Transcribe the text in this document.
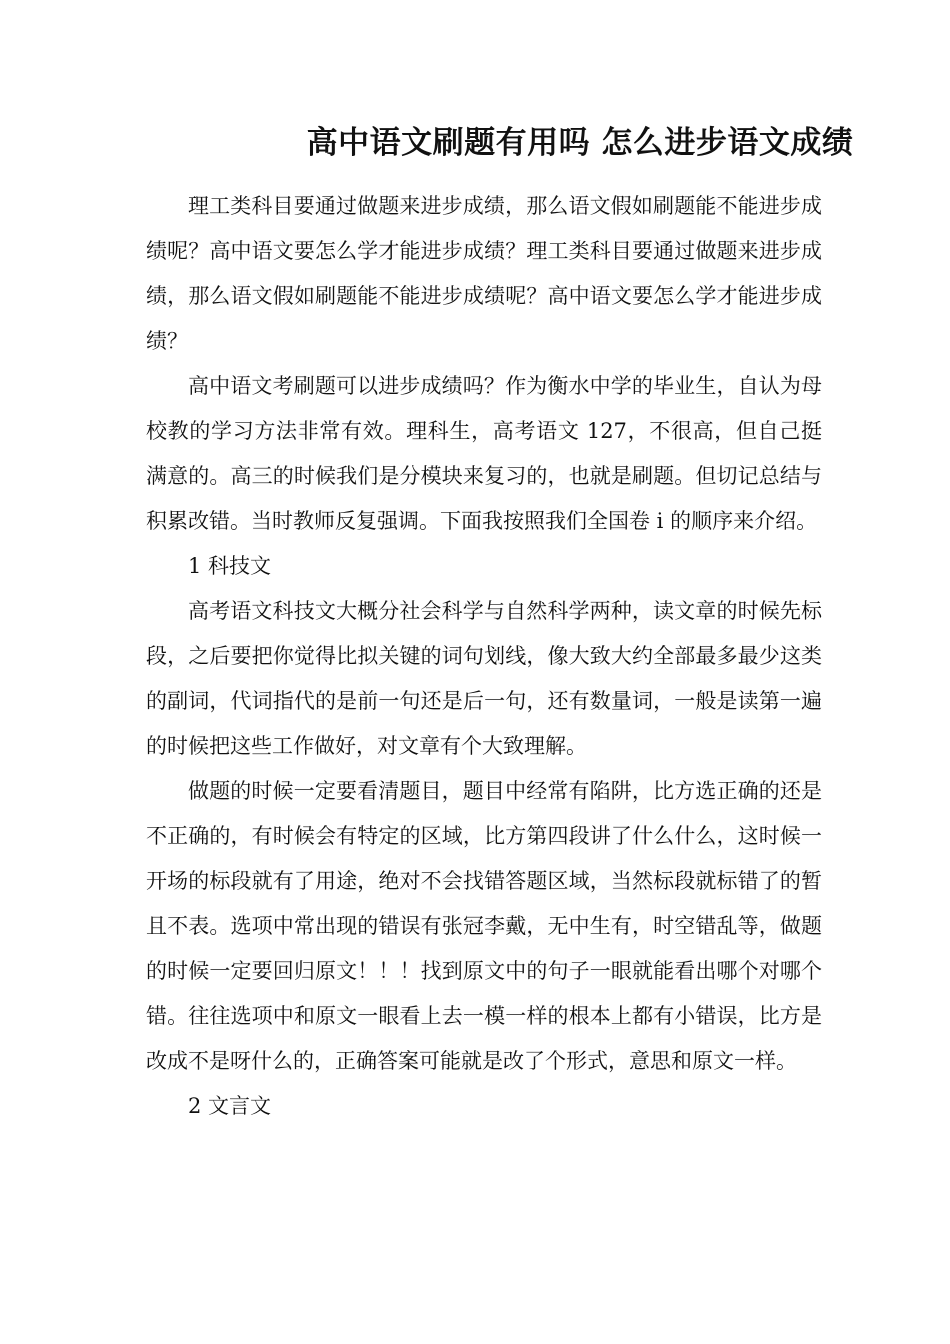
高中语文刷题有用吗 怎么进步语文成绩

理工类科目要通过做题来进步成绩，那么语文假如刷题能不能进步成绩呢？高中语文要怎么学才能进步成绩？理工类科目要通过做题来进步成绩，那么语文假如刷题能不能进步成绩呢？高中语文要怎么学才能进步成绩？

高中语文考刷题可以进步成绩吗？作为衡水中学的毕业生，自认为母校教的学习方法非常有效。理科生，高考语文 127，不很高，但自己挺满意的。高三的时候我们是分模块来复习的，也就是刷题。但切记总结与积累改错。当时教师反复强调。下面我按照我们全国卷 i 的顺序来介绍。

1 科技文

高考语文科技文大概分社会科学与自然科学两种，读文章的时候先标段，之后要把你觉得比拟关键的词句划线，像大致大约全部最多最少这类的副词，代词指代的是前一句还是后一句，还有数量词，一般是读第一遍的时候把这些工作做好，对文章有个大致理解。

做题的时候一定要看清题目，题目中经常有陷阱，比方选正确的还是不正确的，有时候会有特定的区域，比方第四段讲了什么什么，这时候一开场的标段就有了用途，绝对不会找错答题区域，当然标段就标错了的暂且不表。选项中常出现的错误有张冠李戴，无中生有，时空错乱等，做题的时候一定要回归原文！！！找到原文中的句子一眼就能看出哪个对哪个错。往往选项中和原文一眼看上去一模一样的根本上都有小错误，比方是改成不是呀什么的，正确答案可能就是改了个形式，意思和原文一样。

2 文言文
